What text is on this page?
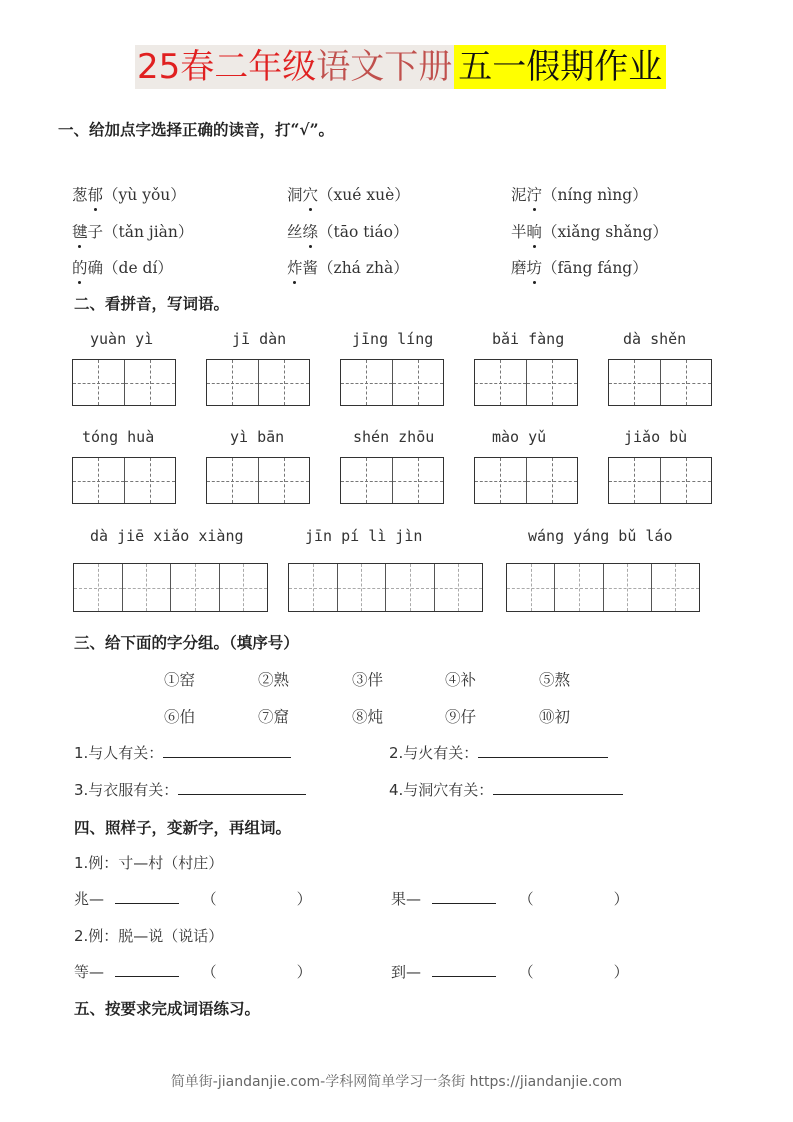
25春二年级语文下册 五一假期作业
一、给加点字选择正确的读音，打“√”。
二、看拼音，写词语。
yuàn yì	jī dàn	jīng líng	bǎi fàng	dà shěn
tóng huà	yì bān	shén zhōu	mào yǔ	jiǎo bù
dà jiē xiǎo xiàng	jīn pí lì jìn	wáng yáng bǔ láo
三、给下面的字分组。（填序号）
①窑	②熟	③伴	④补	⑤熬
⑥伯	⑦窟	⑧炖	⑨仔	⑩初
1.与人有关：	2.与火有关：
3.与衣服有关：	4.与洞穴有关：
四、照样子，变新字，再组词。
1.例：寸—村（村庄）
兆—	（	）	果—	（	）
2.例：脱—说（说话）
等—	（	）	到—	（	）
五、按要求完成词语练习。
简单街-jiandanjie.com-学科网简单学习一条街 https://jiandanjie.com
葱郁（yù yǒu）	洞穴（xué xuè）	泥泞（níng nìng）
毽子（tǎn jiàn）	丝绦（tāo tiáo）	半晌（xiǎng shǎng）
的确（de dí）	炸酱（zhá zhà）	磨坊（fāng fáng）
